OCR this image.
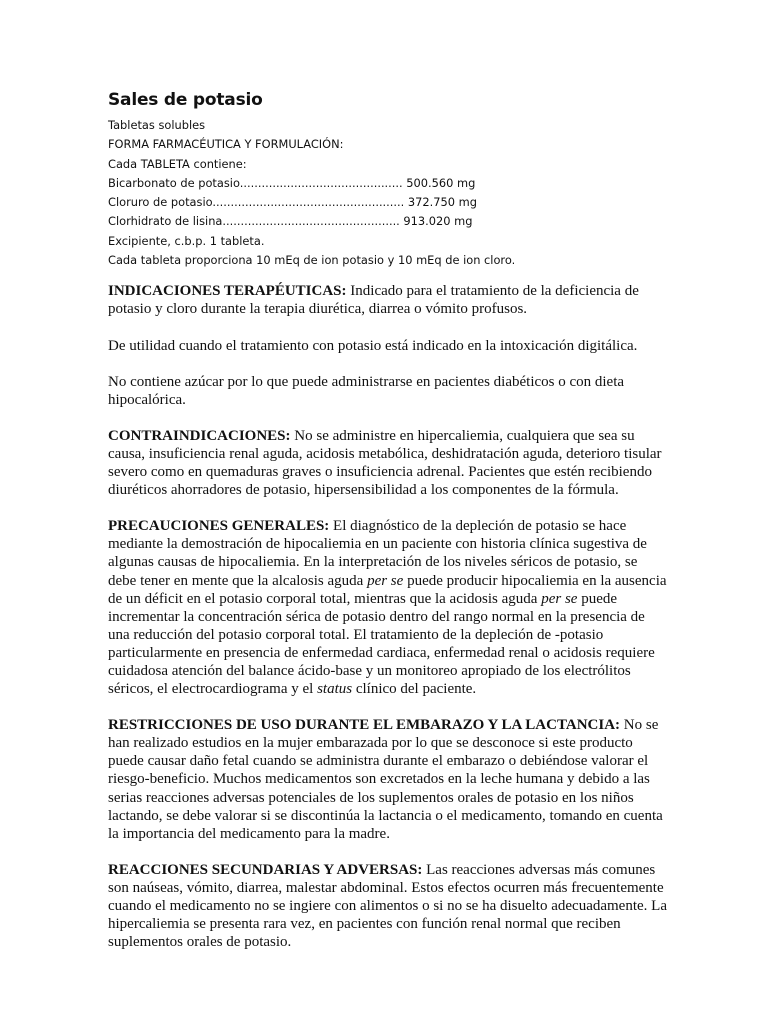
Sales de potasio

Tabletas solubles

FORMA FARMACÉUTICA Y FORMULACIÓN:

Cada TABLETA contiene:

Bicarbonato de potasio............................................. 500.560 mg

Cloruro de potasio..................................................... 372.750 mg

Clorhidrato de lisina................................................. 913.020 mg

Excipiente, c.b.p. 1 tableta.

Cada tableta proporciona 10 mEq de ion potasio y 10 mEq de ion cloro.

INDICACIONES TERAPÉUTICAS: Indicado para el tratamiento de la deficiencia de potasio y cloro durante la terapia diurética, diarrea o vómito profusos.

De utilidad cuando el tratamiento con potasio está indicado en la intoxicación digitálica.

No contiene azúcar por lo que puede administrarse en pacientes diabéticos o con dieta hipocalórica.

CONTRAINDICACIONES: No se administre en hipercaliemia, cualquiera que sea su causa, insuficiencia renal aguda, acidosis metabólica, deshidratación aguda, deterioro tisular severo como en quemaduras graves o insuficiencia adrenal. Pacientes que estén recibiendo diuréticos ahorradores de potasio, hipersensibilidad a los componentes de la fórmula.

PRECAUCIONES GENERALES: El diagnóstico de la depleción de potasio se hace mediante la demostración de hipocaliemia en un paciente con historia clínica sugestiva de algunas causas de hipocaliemia. En la interpretación de los niveles séricos de potasio, se debe tener en mente que la alcalosis aguda per se puede producir hipocaliemia en la ausencia de un déficit en el potasio corporal total, mientras que la acidosis aguda per se puede incrementar la concentración sérica de potasio dentro del rango normal en la presencia de una reducción del potasio corporal total. El tratamiento de la depleción de -potasio particularmente en presencia de enfermedad cardiaca, enfermedad renal o acidosis requiere cuidadosa atención del balance ácido-base y un monitoreo apropiado de los electrólitos séricos, el electrocardiograma y el status clínico del paciente.

RESTRICCIONES DE USO DURANTE EL EMBARAZO Y LA LACTANCIA: No se han realizado estudios en la mujer embarazada por lo que se desconoce si este producto puede causar daño fetal cuando se administra durante el embarazo o debiéndose valorar el riesgo-beneficio. Muchos medicamentos son excretados en la leche humana y debido a las serias reacciones adversas potenciales de los suplementos orales de potasio en los niños lactando, se debe valorar si se discontinúa la lactancia o el medicamento, tomando en cuenta la importancia del medicamento para la madre.

REACCIONES SECUNDARIAS Y ADVERSAS: Las reacciones adversas más comunes son naúseas, vómito, diarrea, malestar abdominal. Estos efectos ocurren más frecuentemente cuando el medicamento no se ingiere con alimentos o si no se ha disuelto adecuadamente. La hipercaliemia se presenta rara vez, en pacientes con función renal normal que reciben suplementos orales de potasio.
